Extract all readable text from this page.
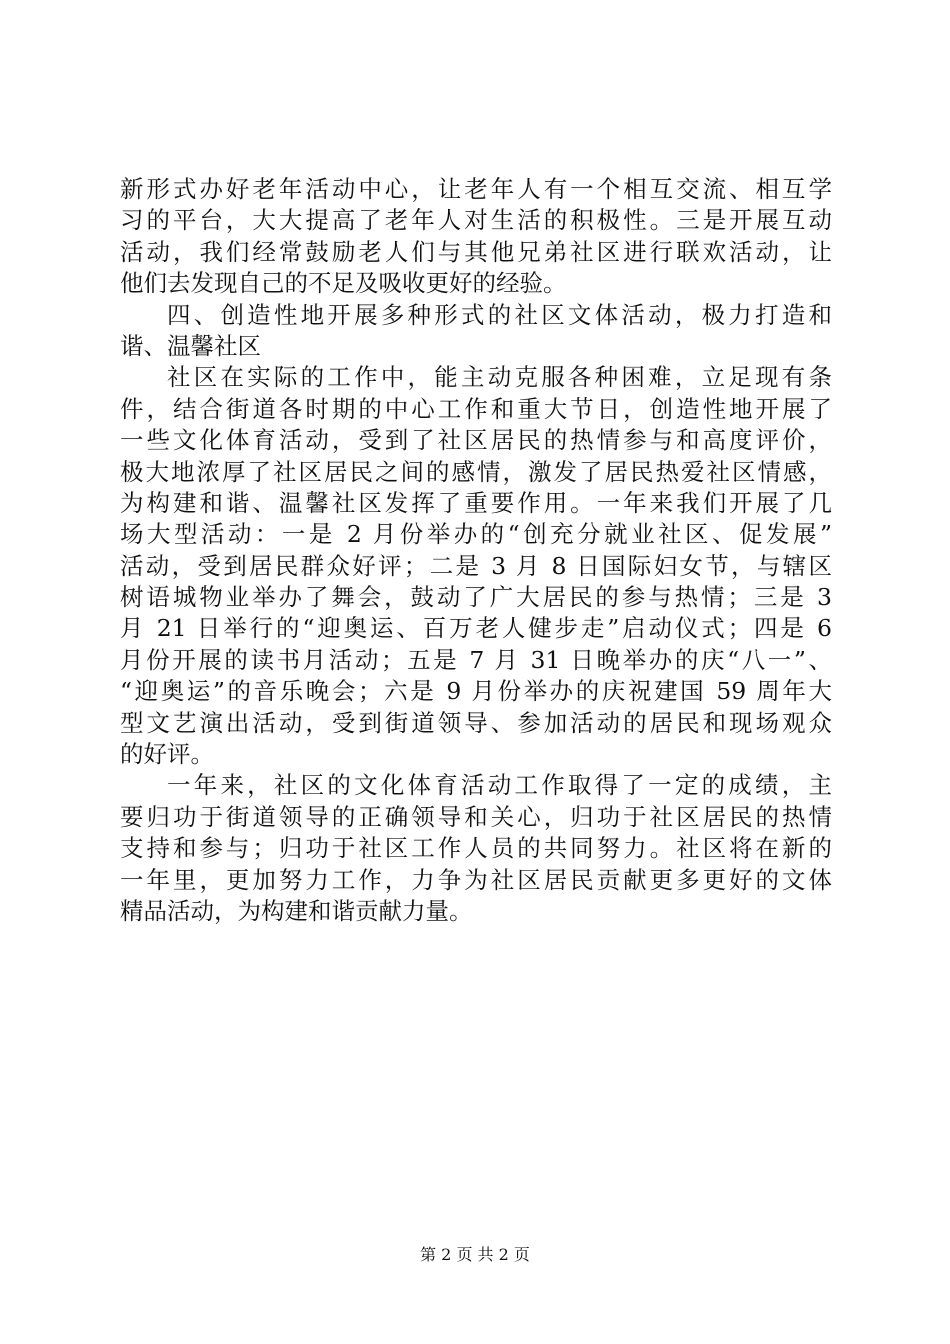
新形式办好老年活动中心，让老年人有一个相互交流、相互学
习的平台，大大提高了老年人对生活的积极性。三是开展互动
活动，我们经常鼓励老人们与其他兄弟社区进行联欢活动，让
他们去发现自己的不足及吸收更好的经验。
四、创造性地开展多种形式的社区文体活动，极力打造和
谐、温馨社区
社区在实际的工作中，能主动克服各种困难，立足现有条
件，结合街道各时期的中心工作和重大节日，创造性地开展了
一些文化体育活动，受到了社区居民的热情参与和高度评价，
极大地浓厚了社区居民之间的感情，激发了居民热爱社区情感，
为构建和谐、温馨社区发挥了重要作用。一年来我们开展了几
场大型活动：一是 2 月份举办的“创充分就业社区、促发展”
活动，受到居民群众好评；二是 3 月 8 日国际妇女节，与辖区
树语城物业举办了舞会，鼓动了广大居民的参与热情；三是 3
月 21 日举行的“迎奥运、百万老人健步走”启动仪式；四是 6
月份开展的读书月活动；五是 7 月 31 日晚举办的庆“八一”、
“迎奥运”的音乐晚会；六是 9 月份举办的庆祝建国 59 周年大
型文艺演出活动，受到街道领导、参加活动的居民和现场观众
的好评。
一年来，社区的文化体育活动工作取得了一定的成绩，主
要归功于街道领导的正确领导和关心，归功于社区居民的热情
支持和参与；归功于社区工作人员的共同努力。社区将在新的
一年里，更加努力工作，力争为社区居民贡献更多更好的文体
精品活动，为构建和谐贡献力量。
第 2 页 共 2 页
